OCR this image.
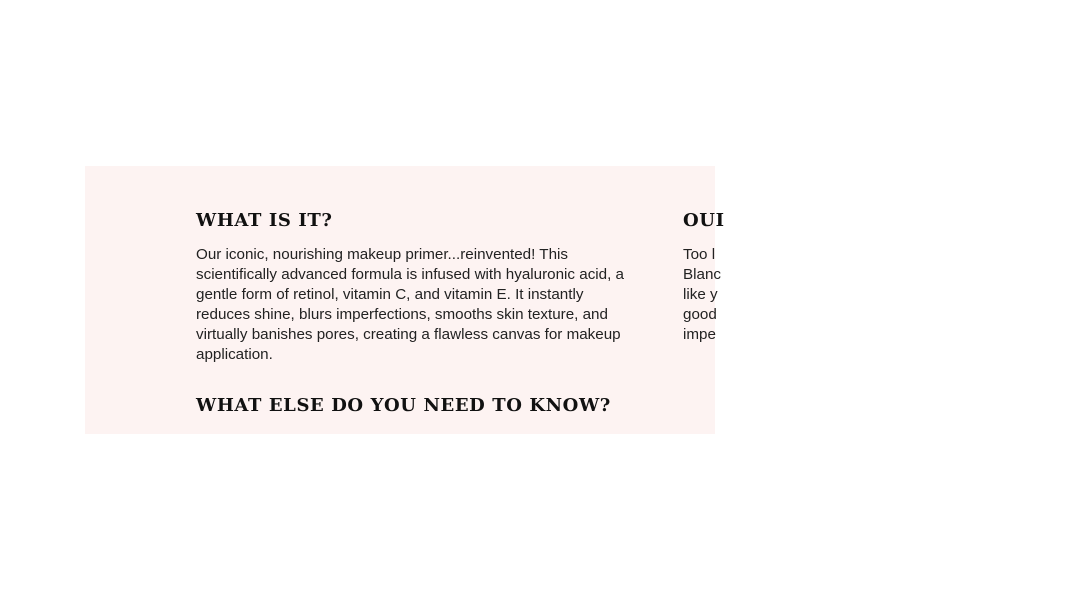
WHAT IS IT?

Our iconic, nourishing makeup primer...reinvented! This scientifically advanced formula is infused with hyaluronic acid, a gentle form of retinol, vitamin C, and vitamin E. It instantly reduces shine, blurs imperfections, smooths skin texture, and virtually banishes pores, creating a flawless canvas for makeup application.

WHAT ELSE DO YOU NEED TO KNOW?
OUI

Too l
Blanc
like y
good
impe
